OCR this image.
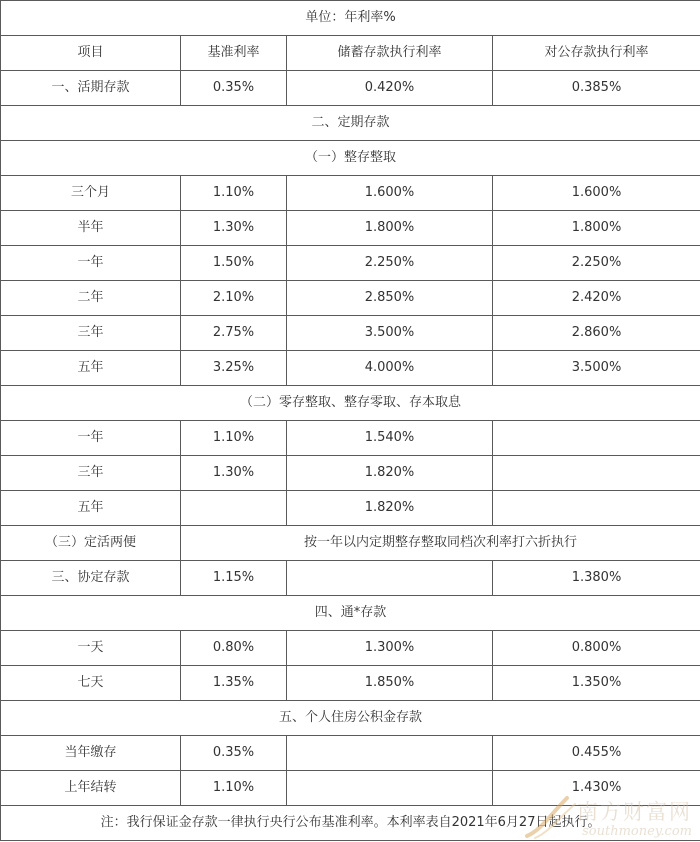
单位：年利率%			
项目	基准利率	储蓄存款执行利率	对公存款执行利率
一、活期存款	0.35%	0.420%	0.385%
二、定期存款			
（一）整存整取			
三个月	1.10%	1.600%	1.600%
半年	1.30%	1.800%	1.800%
一年	1.50%	2.250%	2.250%
二年	2.10%	2.850%	2.420%
三年	2.75%	3.500%	2.860%
五年	3.25%	4.000%	3.500%
（二）零存整取、整存零取、存本取息			
一年	1.10%	1.540%	
三年	1.30%	1.820%	
五年		1.820%	
（三）定活两便	按一年以内定期整存整取同档次利率打六折执行		
三、协定存款	1.15%		1.380%
四、通*存款			
一天	0.80%	1.300%	0.800%
七天	1.35%	1.850%	1.350%
五、个人住房公积金存款			
当年缴存	0.35%		0.455%
上年结转	1.10%		1.430%
注：我行保证金存款一律执行央行公布基准利率。本利率表自2021年6月27日起执行。			
南方财富网
southmoney.com
